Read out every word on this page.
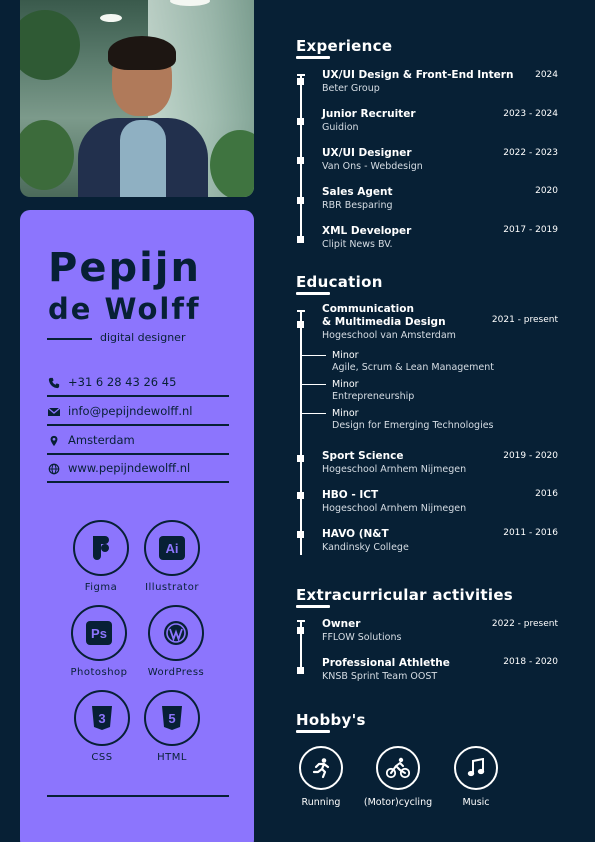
Pepijn
de Wolff
digital designer
+31 6 28 43 26 45
info@pepijndewolff.nl
Amsterdam
www.pepijndewolff.nl
Figma
Ai
Illustrator
Ps
Photoshop	WordPress
3
CSS
5
HTML
Experience
UX/UI Design & Front-End Intern
Beter Group
2024
Junior Recruiter
Guidion
2023 - 2024
UX/UI Designer
Van Ons - Webdesign
2022 - 2023
Sales Agent
RBR Besparing
2020
XML Developer
Clipit News BV.
2017 - 2019
Education
Communication
& Multimedia Design
Hogeschool van Amsterdam
2021 - present
Minor
Agile, Scrum & Lean Management
Minor
Entrepreneurship
Minor
Design for Emerging Technologies
Sport Science
Hogeschool Arnhem Nijmegen
2019 - 2020
HBO - ICT
Hogeschool Arnhem Nijmegen
2016
HAVO (N&T
Kandinsky College
2011 - 2016
Extracurricular activities
Owner
FFLOW Solutions
2022 - present
Professional Athlethe
KNSB Sprint Team OOST
2018 - 2020
Hobby's
Running	(Motor)cycling	Music
